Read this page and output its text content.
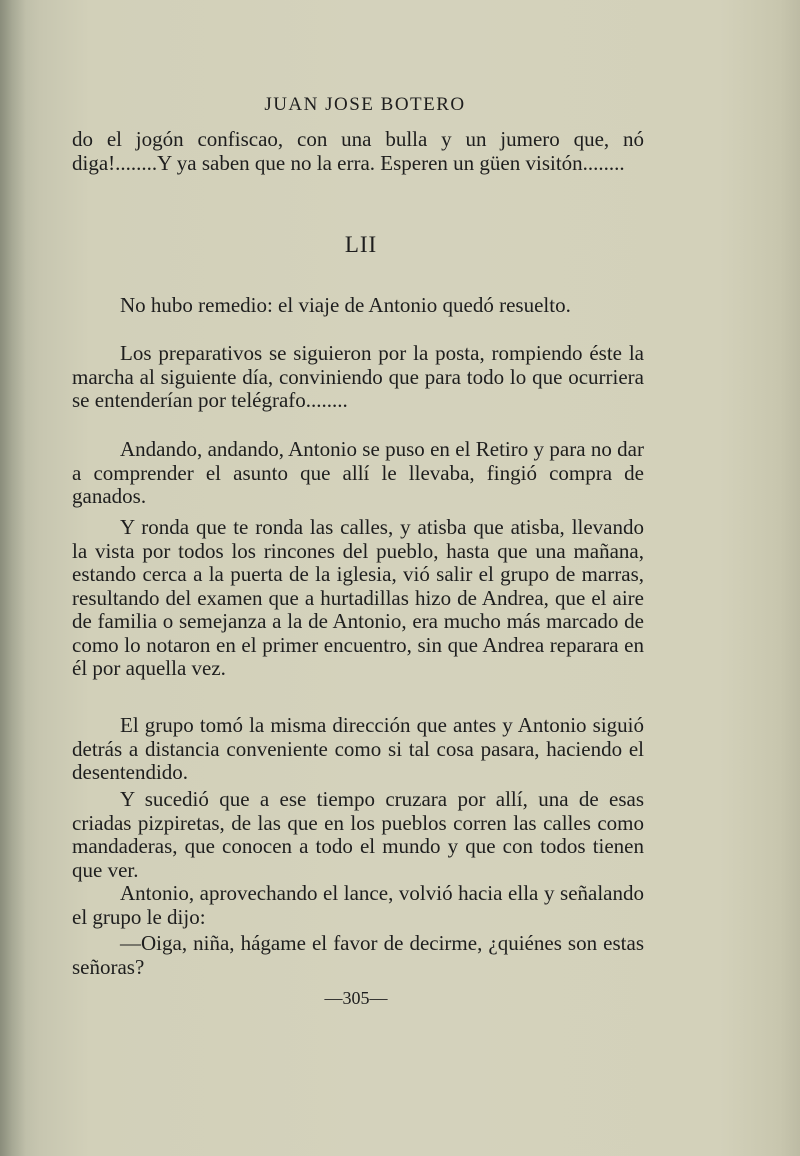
JUAN JOSE BOTERO

do el jogón confiscao, con una bulla y un jumero que, nó diga!........Y ya saben que no la erra. Esperen un güen visitón........

LII

No hubo remedio: el viaje de Antonio quedó resuelto.

Los preparativos se siguieron por la posta, rompiendo éste la marcha al siguiente día, conviniendo que para todo lo que ocurriera se entenderían por telégrafo........

Andando, andando, Antonio se puso en el Retiro y para no dar a comprender el asunto que allí le llevaba, fingió compra de ganados.

Y ronda que te ronda las calles, y atisba que atisba, llevando la vista por todos los rincones del pueblo, hasta que una mañana, estando cerca a la puerta de la iglesia, vió salir el grupo de marras, resultando del examen que a hurtadillas hizo de Andrea, que el aire de familia o semejanza a la de Antonio, era mucho más marcado de como lo notaron en el primer encuentro, sin que Andrea reparara en él por aquella vez.

El grupo tomó la misma dirección que antes y Antonio siguió detrás a distancia conveniente como si tal cosa pasara, haciendo el desentendido.

Y sucedió que a ese tiempo cruzara por allí, una de esas criadas pizpiretas, de las que en los pueblos corren las calles como mandaderas, que conocen a todo el mundo y que con todos tienen que ver.

Antonio, aprovechando el lance, volvió hacia ella y señalando el grupo le dijo:

—Oiga, niña, hágame el favor de decirme, ¿quiénes son estas señoras?

—305—
